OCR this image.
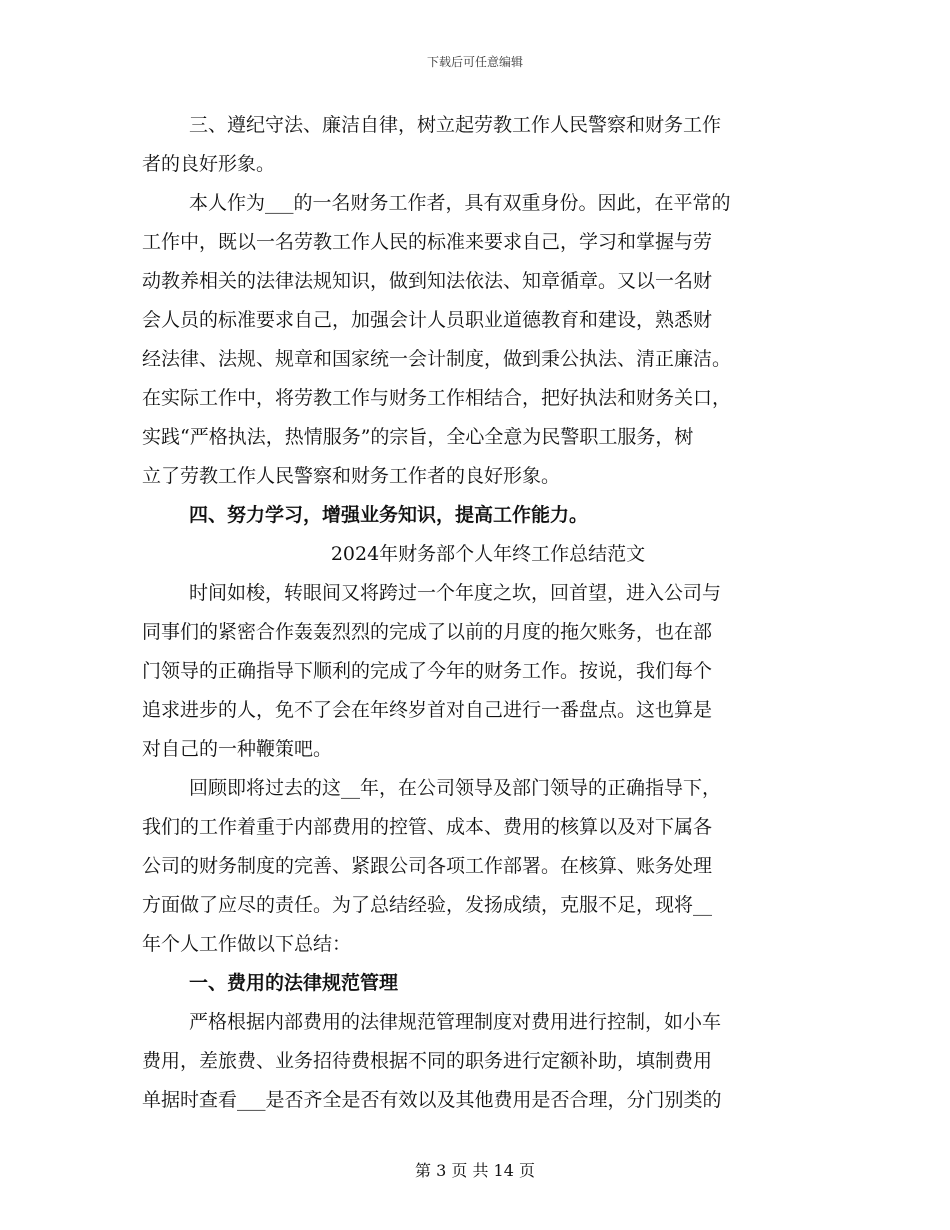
下载后可任意编辑
三、遵纪守法、廉洁自律，树立起劳教工作人民警察和财务工作
者的良好形象。
本人作为___的一名财务工作者，具有双重身份。因此，在平常的
工作中，既以一名劳教工作人民的标准来要求自己，学习和掌握与劳
动教养相关的法律法规知识，做到知法依法、知章循章。又以一名财
会人员的标准要求自己，加强会计人员职业道德教育和建设，熟悉财
经法律、法规、规章和国家统一会计制度，做到秉公执法、清正廉洁。
在实际工作中，将劳教工作与财务工作相结合，把好执法和财务关口，
实践“严格执法，热情服务”的宗旨，全心全意为民警职工服务，树
立了劳教工作人民警察和财务工作者的良好形象。
四、努力学习，增强业务知识，提高工作能力。
2024年财务部个人年终工作总结范文
时间如梭，转眼间又将跨过一个年度之坎，回首望，进入公司与
同事们的紧密合作轰轰烈烈的完成了以前的月度的拖欠账务，也在部
门领导的正确指导下顺利的完成了今年的财务工作。按说，我们每个
追求进步的人，免不了会在年终岁首对自己进行一番盘点。这也算是
对自己的一种鞭策吧。
回顾即将过去的这__年，在公司领导及部门领导的正确指导下，
我们的工作着重于内部费用的控管、成本、费用的核算以及对下属各
公司的财务制度的完善、紧跟公司各项工作部署。在核算、账务处理
方面做了应尽的责任。为了总结经验，发扬成绩，克服不足，现将__
年个人工作做以下总结：
一、费用的法律规范管理
严格根据内部费用的法律规范管理制度对费用进行控制，如小车
费用，差旅费、业务招待费根据不同的职务进行定额补助，填制费用
单据时查看___是否齐全是否有效以及其他费用是否合理，分门别类的
第 3 页 共 14 页
